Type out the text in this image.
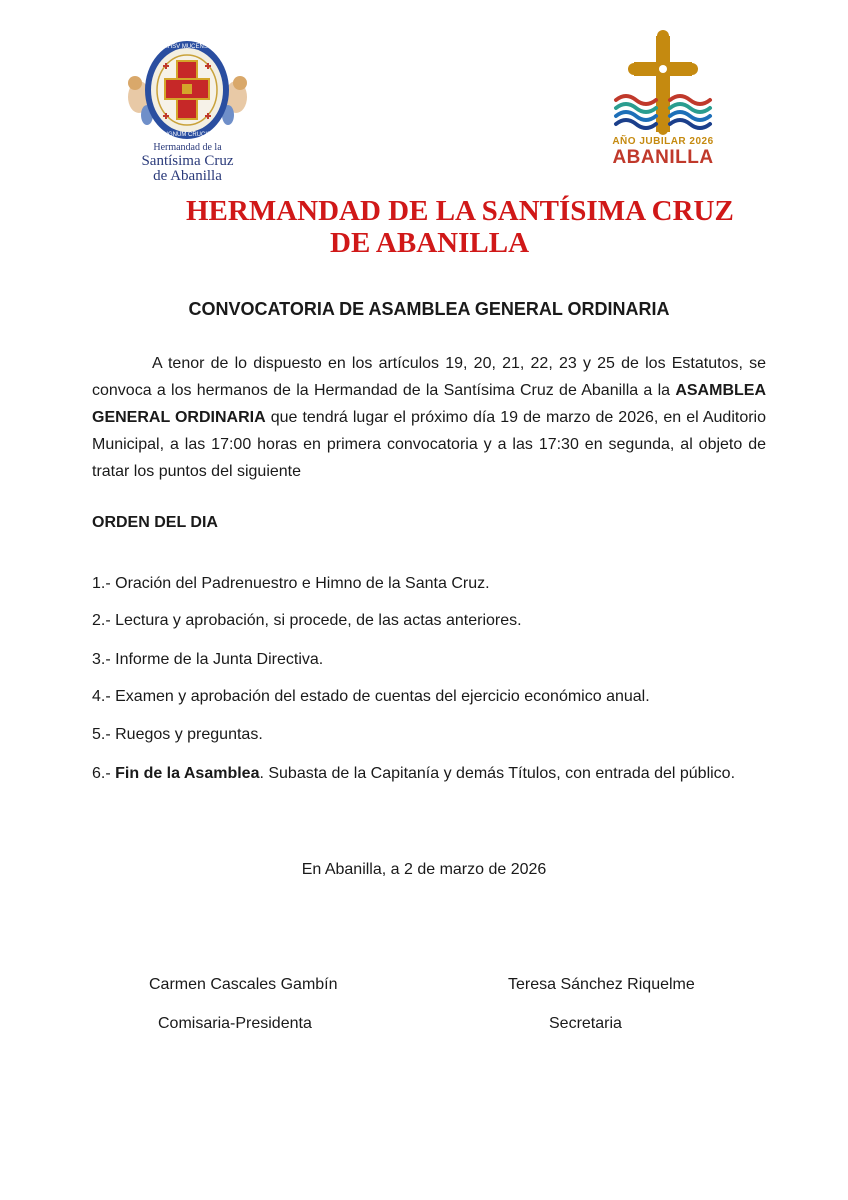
IHSV MUCENS
LIGNUM CRUCIS
Hermandad de la
Santísima Cruz
de Abanilla
AÑO JUBILAR 2026
ABANILLA
HERMANDAD DE LA SANTÍSIMA CRUZ
DE ABANILLA
CONVOCATORIA DE ASAMBLEA GENERAL ORDINARIA

A tenor de lo dispuesto en los artículos 19, 20, 21, 22, 23 y 25 de los Estatutos, se convoca a los hermanos de la Hermandad de la Santísima Cruz de Abanilla a la ASAMBLEA GENERAL ORDINARIA que tendrá lugar el próximo día 19 de marzo de 2026, en el Auditorio Municipal, a las 17:00 horas en primera convocatoria y a las 17:30 en segunda, al objeto de tratar los puntos del siguiente

ORDEN DEL DIA
1.- Oración del Padrenuestro e Himno de la Santa Cruz.
2.- Lectura y aprobación, si procede, de las actas anteriores.
3.- Informe de la Junta Directiva.
4.- Examen y aprobación del estado de cuentas del ejercicio económico anual.
5.- Ruegos y preguntas.
6.- Fin de la Asamblea. Subasta de la Capitanía y demás Títulos, con entrada del público.
En Abanilla, a 2 de marzo de 2026
Carmen Cascales Gambín
Comisaria-Presidenta
Teresa Sánchez Riquelme
Secretaria
